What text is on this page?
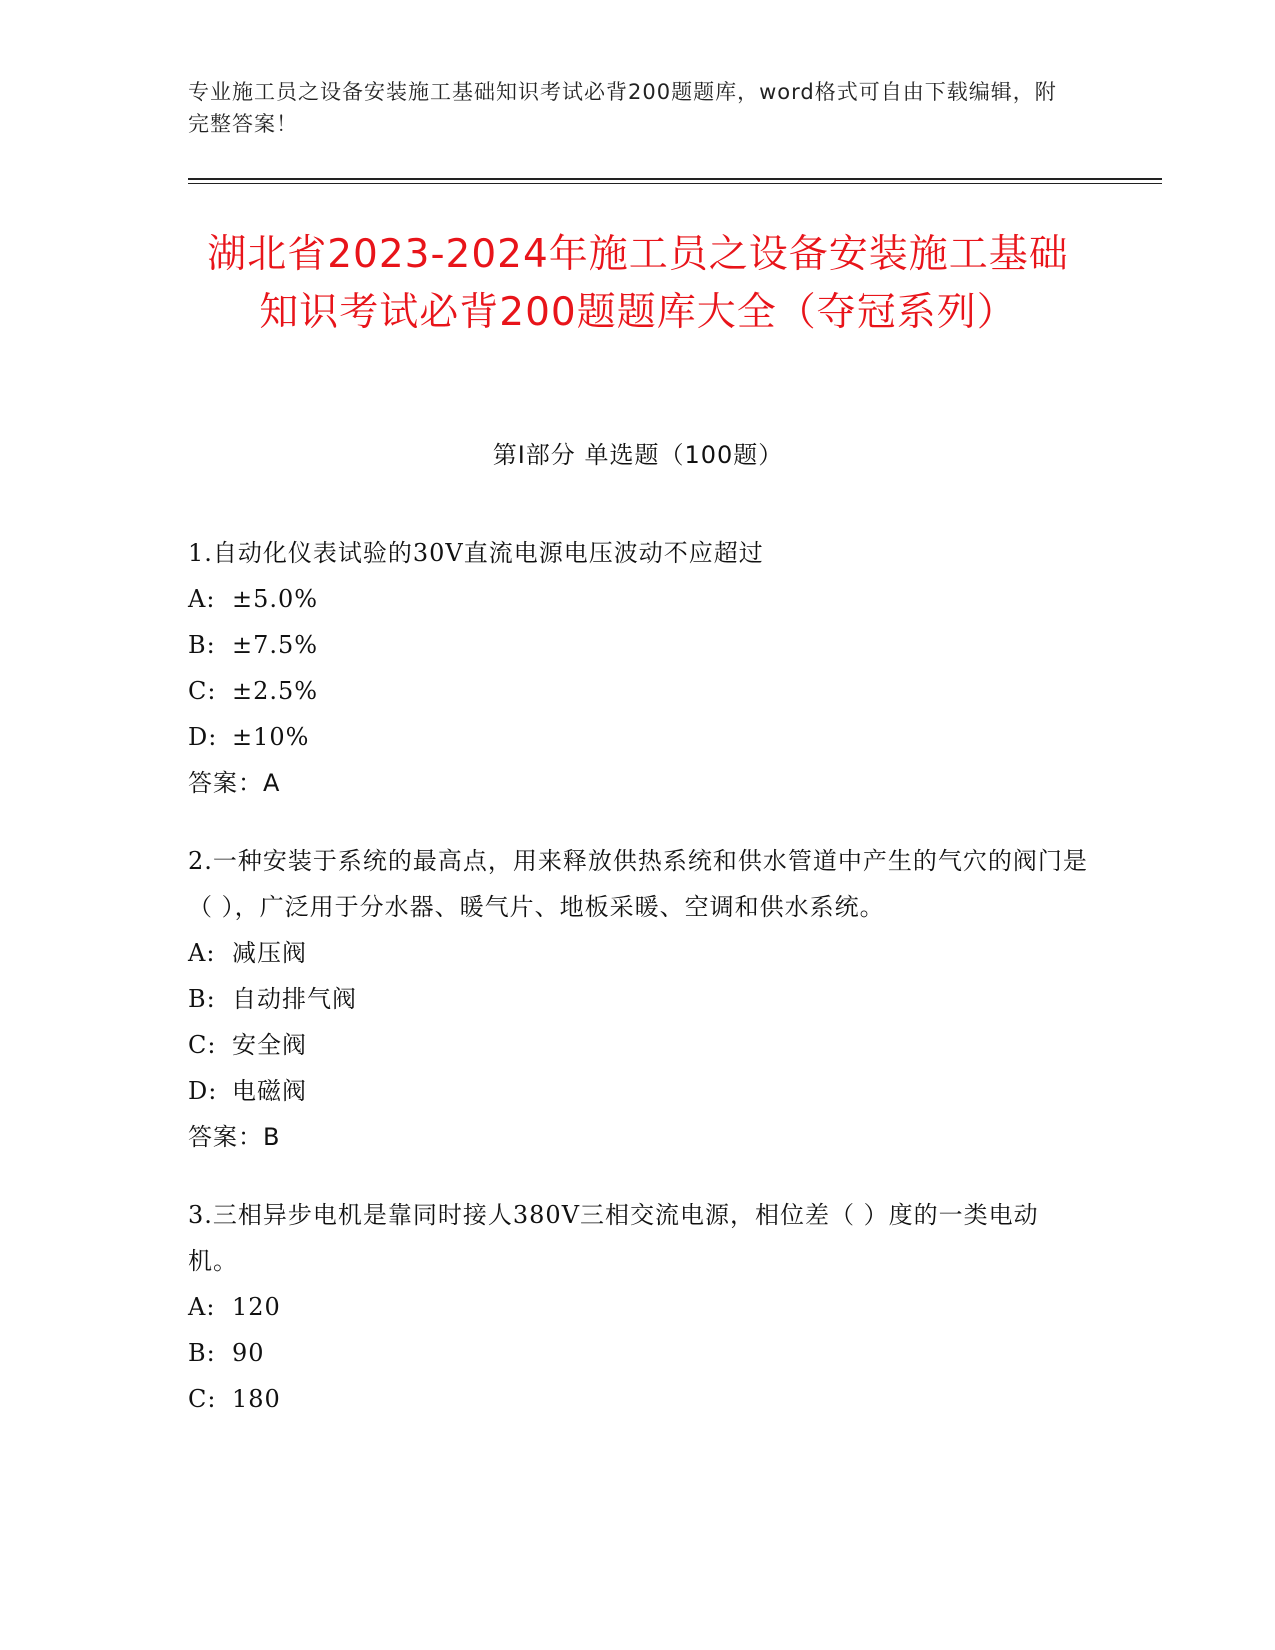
专业施工员之设备安装施工基础知识考试必背200题题库，word格式可自由下载编辑，附完整答案！
湖北省2023-2024年施工员之设备安装施工基础知识考试必背200题题库大全（夺冠系列）
第I部分 单选题（100题）
1.自动化仪表试验的30V直流电源电压波动不应超过
A: ±5.0%
B: ±7.5%
C: ±2.5%
D: ±10%
答案：A
2.一种安装于系统的最高点，用来释放供热系统和供水管道中产生的气穴的阀门是（ ），广泛用于分水器、暖气片、地板采暖、空调和供水系统。
A: 减压阀
B: 自动排气阀
C: 安全阀
D: 电磁阀
答案：B
3.三相异步电机是靠同时接人380V三相交流电源，相位差（ ）度的一类电动机。
A: 120
B: 90
C: 180
